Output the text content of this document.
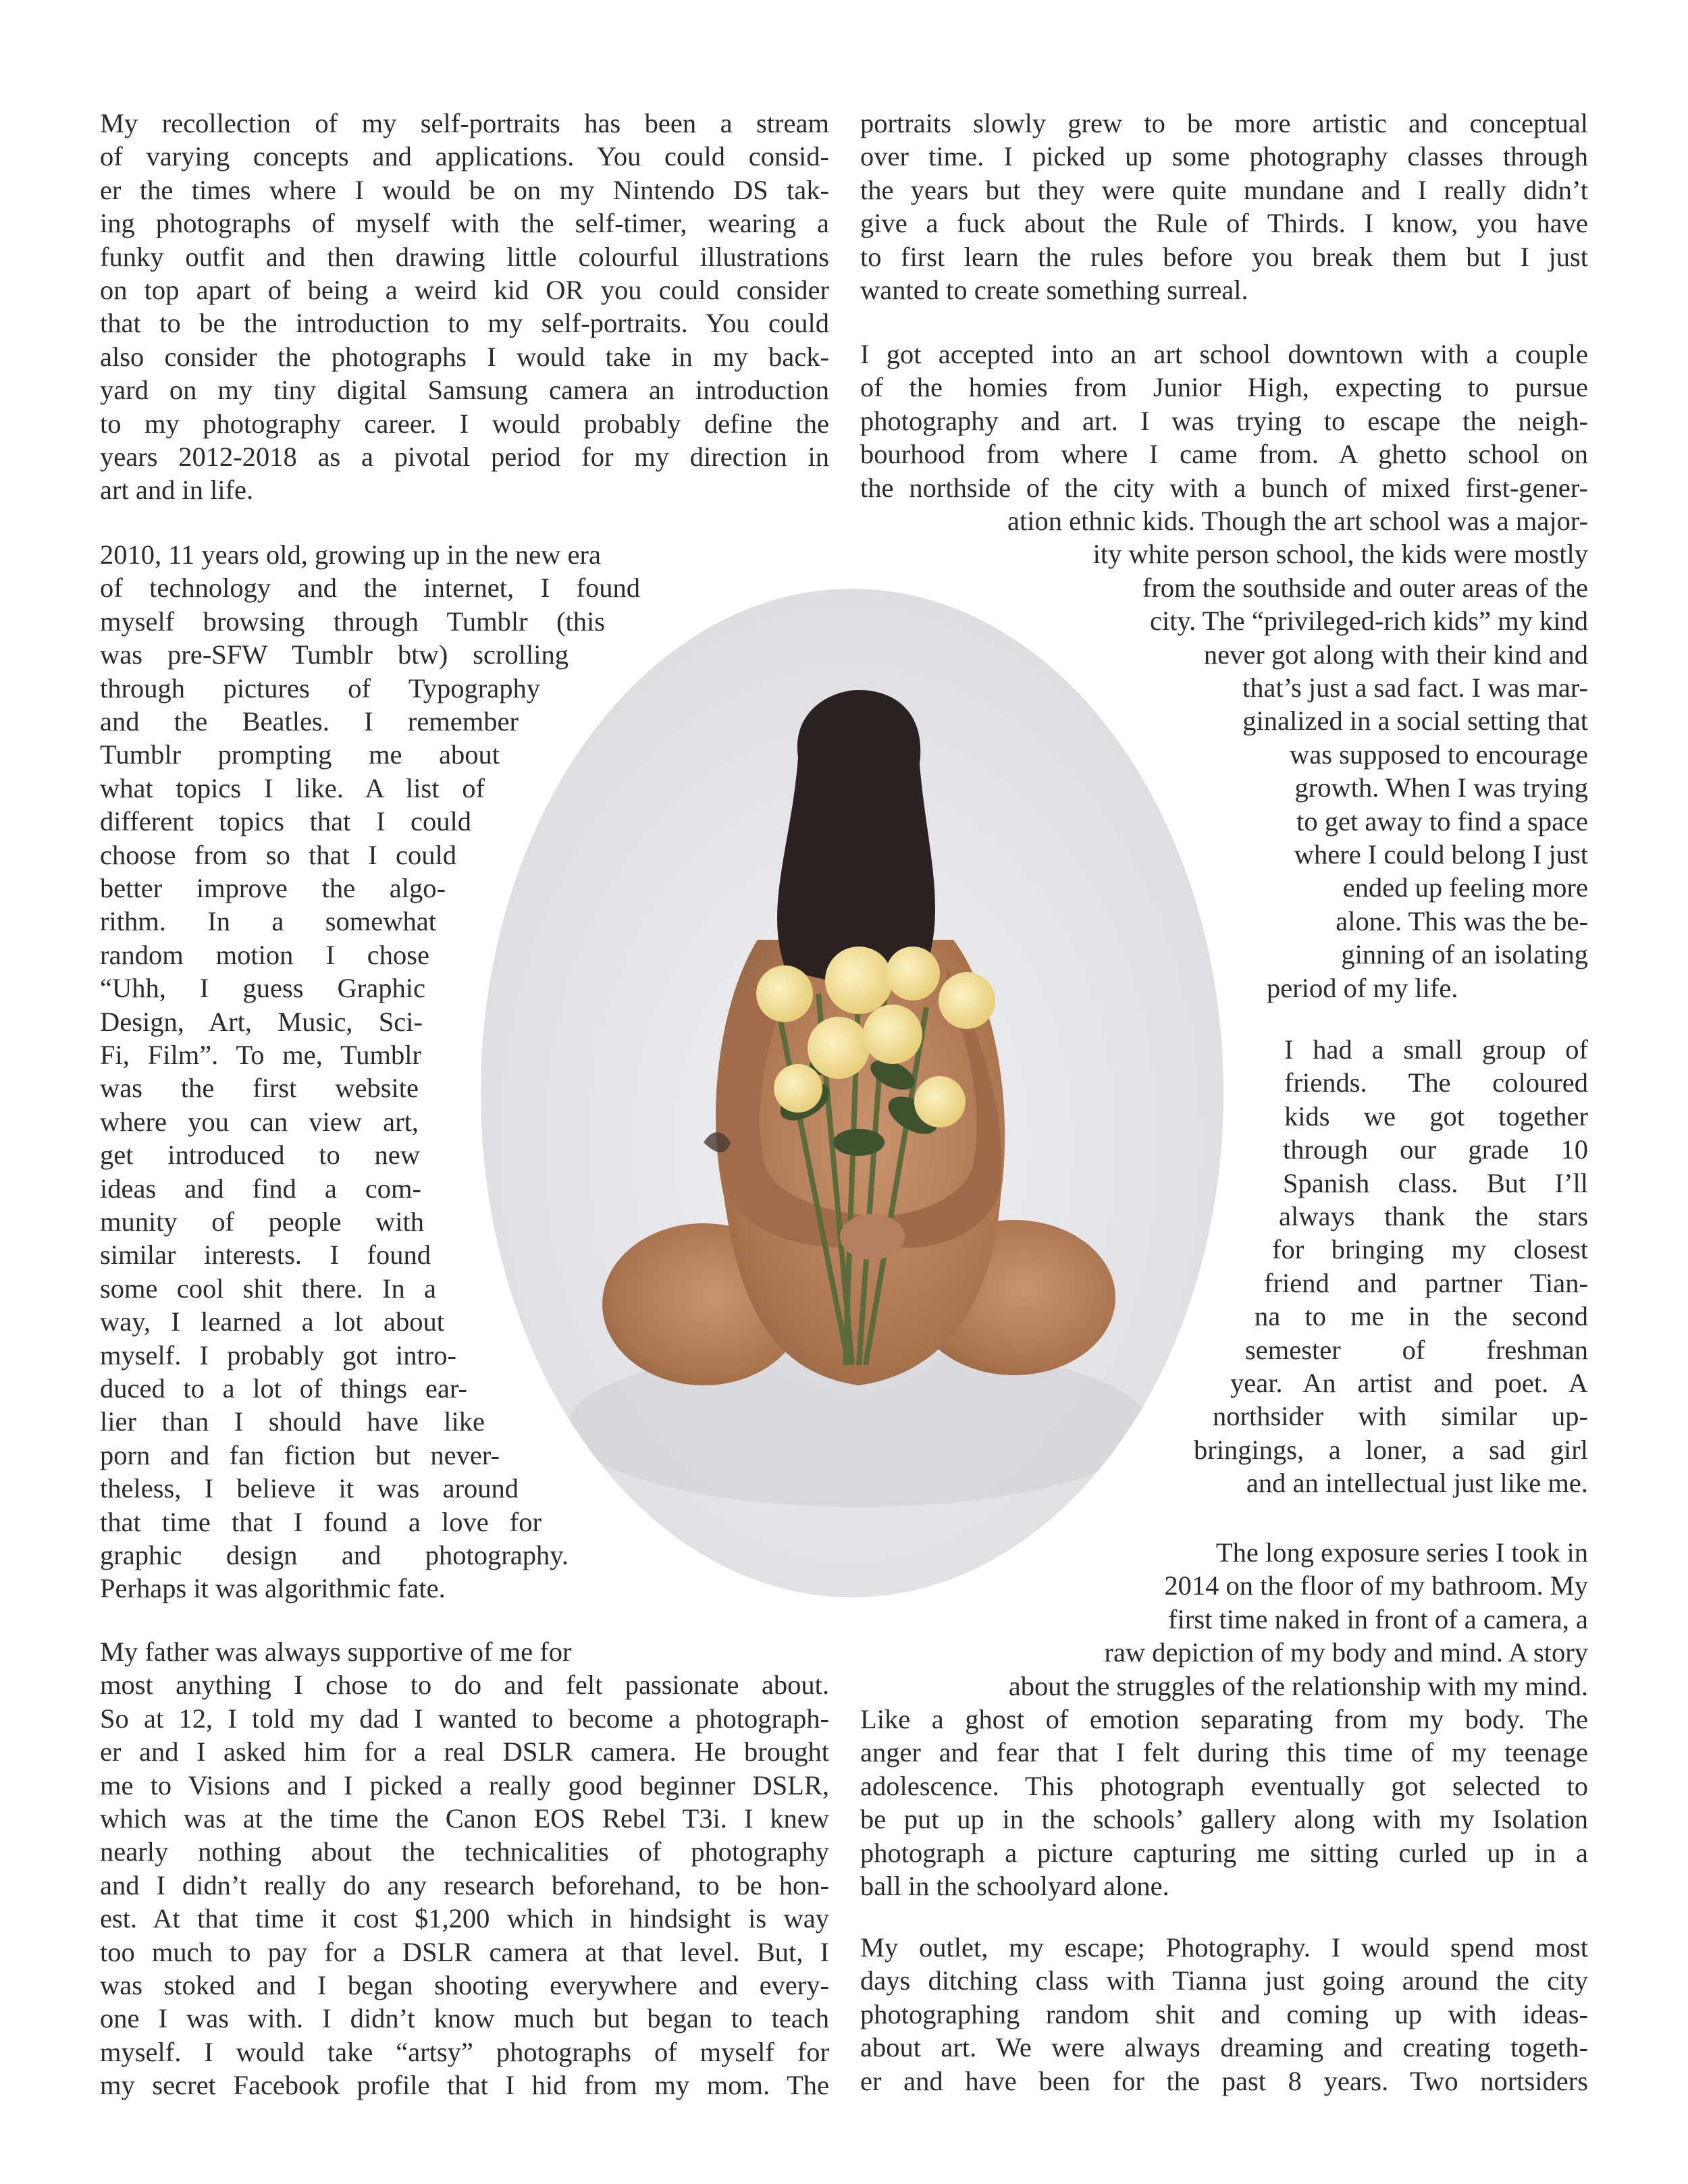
My recollection of my self-portraits has been a stream
of varying concepts and applications. You could consid-
er the times where I would be on my Nintendo DS tak-
ing photographs of myself with the self-timer, wearing a
funky outfit and then drawing little colourful illustrations
on top apart of being a weird kid OR you could consider
that to be the introduction to my self-portraits. You could
also consider the photographs I would take in my back-
yard on my tiny digital Samsung camera an introduction
to my photography career. I would probably define the
years 2012-2018 as a pivotal period for my direction in
art and in life.
2010, 11 years old, growing up in the new era
of technology and the internet, I found
myself browsing through Tumblr (this
was pre-SFW Tumblr btw) scrolling
through pictures of Typography
and the Beatles. I remember
Tumblr prompting me about
what topics I like. A list of
different topics that I could
choose from so that I could
better improve the algo-
rithm. In a somewhat
random motion I chose
“Uhh, I guess Graphic
Design, Art, Music, Sci-
Fi, Film”. To me, Tumblr
was the first website
where you can view art,
get introduced to new
ideas and find a com-
munity of people with
similar interests. I found
some cool shit there. In a
way, I learned a lot about
myself. I probably got intro-
duced to a lot of things ear-
lier than I should have like
porn and fan fiction but never-
theless, I believe it was around
that time that I found a love for
graphic design and photography.
Perhaps it was algorithmic fate.
My father was always supportive of me for
most anything I chose to do and felt passionate about.
So at 12, I told my dad I wanted to become a photograph-
er and I asked him for a real DSLR camera. He brought
me to Visions and I picked a really good beginner DSLR,
which was at the time the Canon EOS Rebel T3i. I knew
nearly nothing about the technicalities of photography
and I didn’t really do any research beforehand, to be hon-
est. At that time it cost $1,200 which in hindsight is way
too much to pay for a DSLR camera at that level. But, I
was stoked and I began shooting everywhere and every-
one I was with. I didn’t know much but began to teach
myself. I would take “artsy” photographs of myself for
my secret Facebook profile that I hid from my mom. The
portraits slowly grew to be more artistic and conceptual
over time. I picked up some photography classes through
the years but they were quite mundane and I really didn’t
give a fuck about the Rule of Thirds. I know, you have
to first learn the rules before you break them but I just
wanted to create something surreal.
I got accepted into an art school downtown with a couple
of the homies from Junior High, expecting to pursue
photography and art. I was trying to escape the neigh-
bourhood from where I came from. A ghetto school on
the northside of the city with a bunch of mixed first-gener-
ation ethnic kids. Though the art school was a major-
ity white person school, the kids were mostly
from the southside and outer areas of the
city. The “privileged-rich kids” my kind
never got along with their kind and
that’s just a sad fact. I was mar-
ginalized in a social setting that
was supposed to encourage
growth. When I was trying
to get away to find a space
where I could belong I just
ended up feeling more
alone. This was the be-
ginning of an isolating
period of my life.
I had a small group of
friends. The coloured
kids we got together
through our grade 10
Spanish class. But I’ll
always thank the stars
for bringing my closest
friend and partner Tian-
na to me in the second
semester of freshman
year. An artist and poet. A
northsider with similar up-
bringings, a loner, a sad girl
and an intellectual just like me.
The long exposure series I took in
2014 on the floor of my bathroom. My
first time naked in front of a camera, a
raw depiction of my body and mind. A story
about the struggles of the relationship with my mind.
Like a ghost of emotion separating from my body. The
anger and fear that I felt during this time of my teenage
adolescence. This photograph eventually got selected to
be put up in the schools’ gallery along with my Isolation
photograph a picture capturing me sitting curled up in a
ball in the schoolyard alone.
My outlet, my escape; Photography. I would spend most
days ditching class with Tianna just going around the city
photographing random shit and coming up with ideas-
about art. We were always dreaming and creating togeth-
er and have been for the past 8 years. Two nortsiders
